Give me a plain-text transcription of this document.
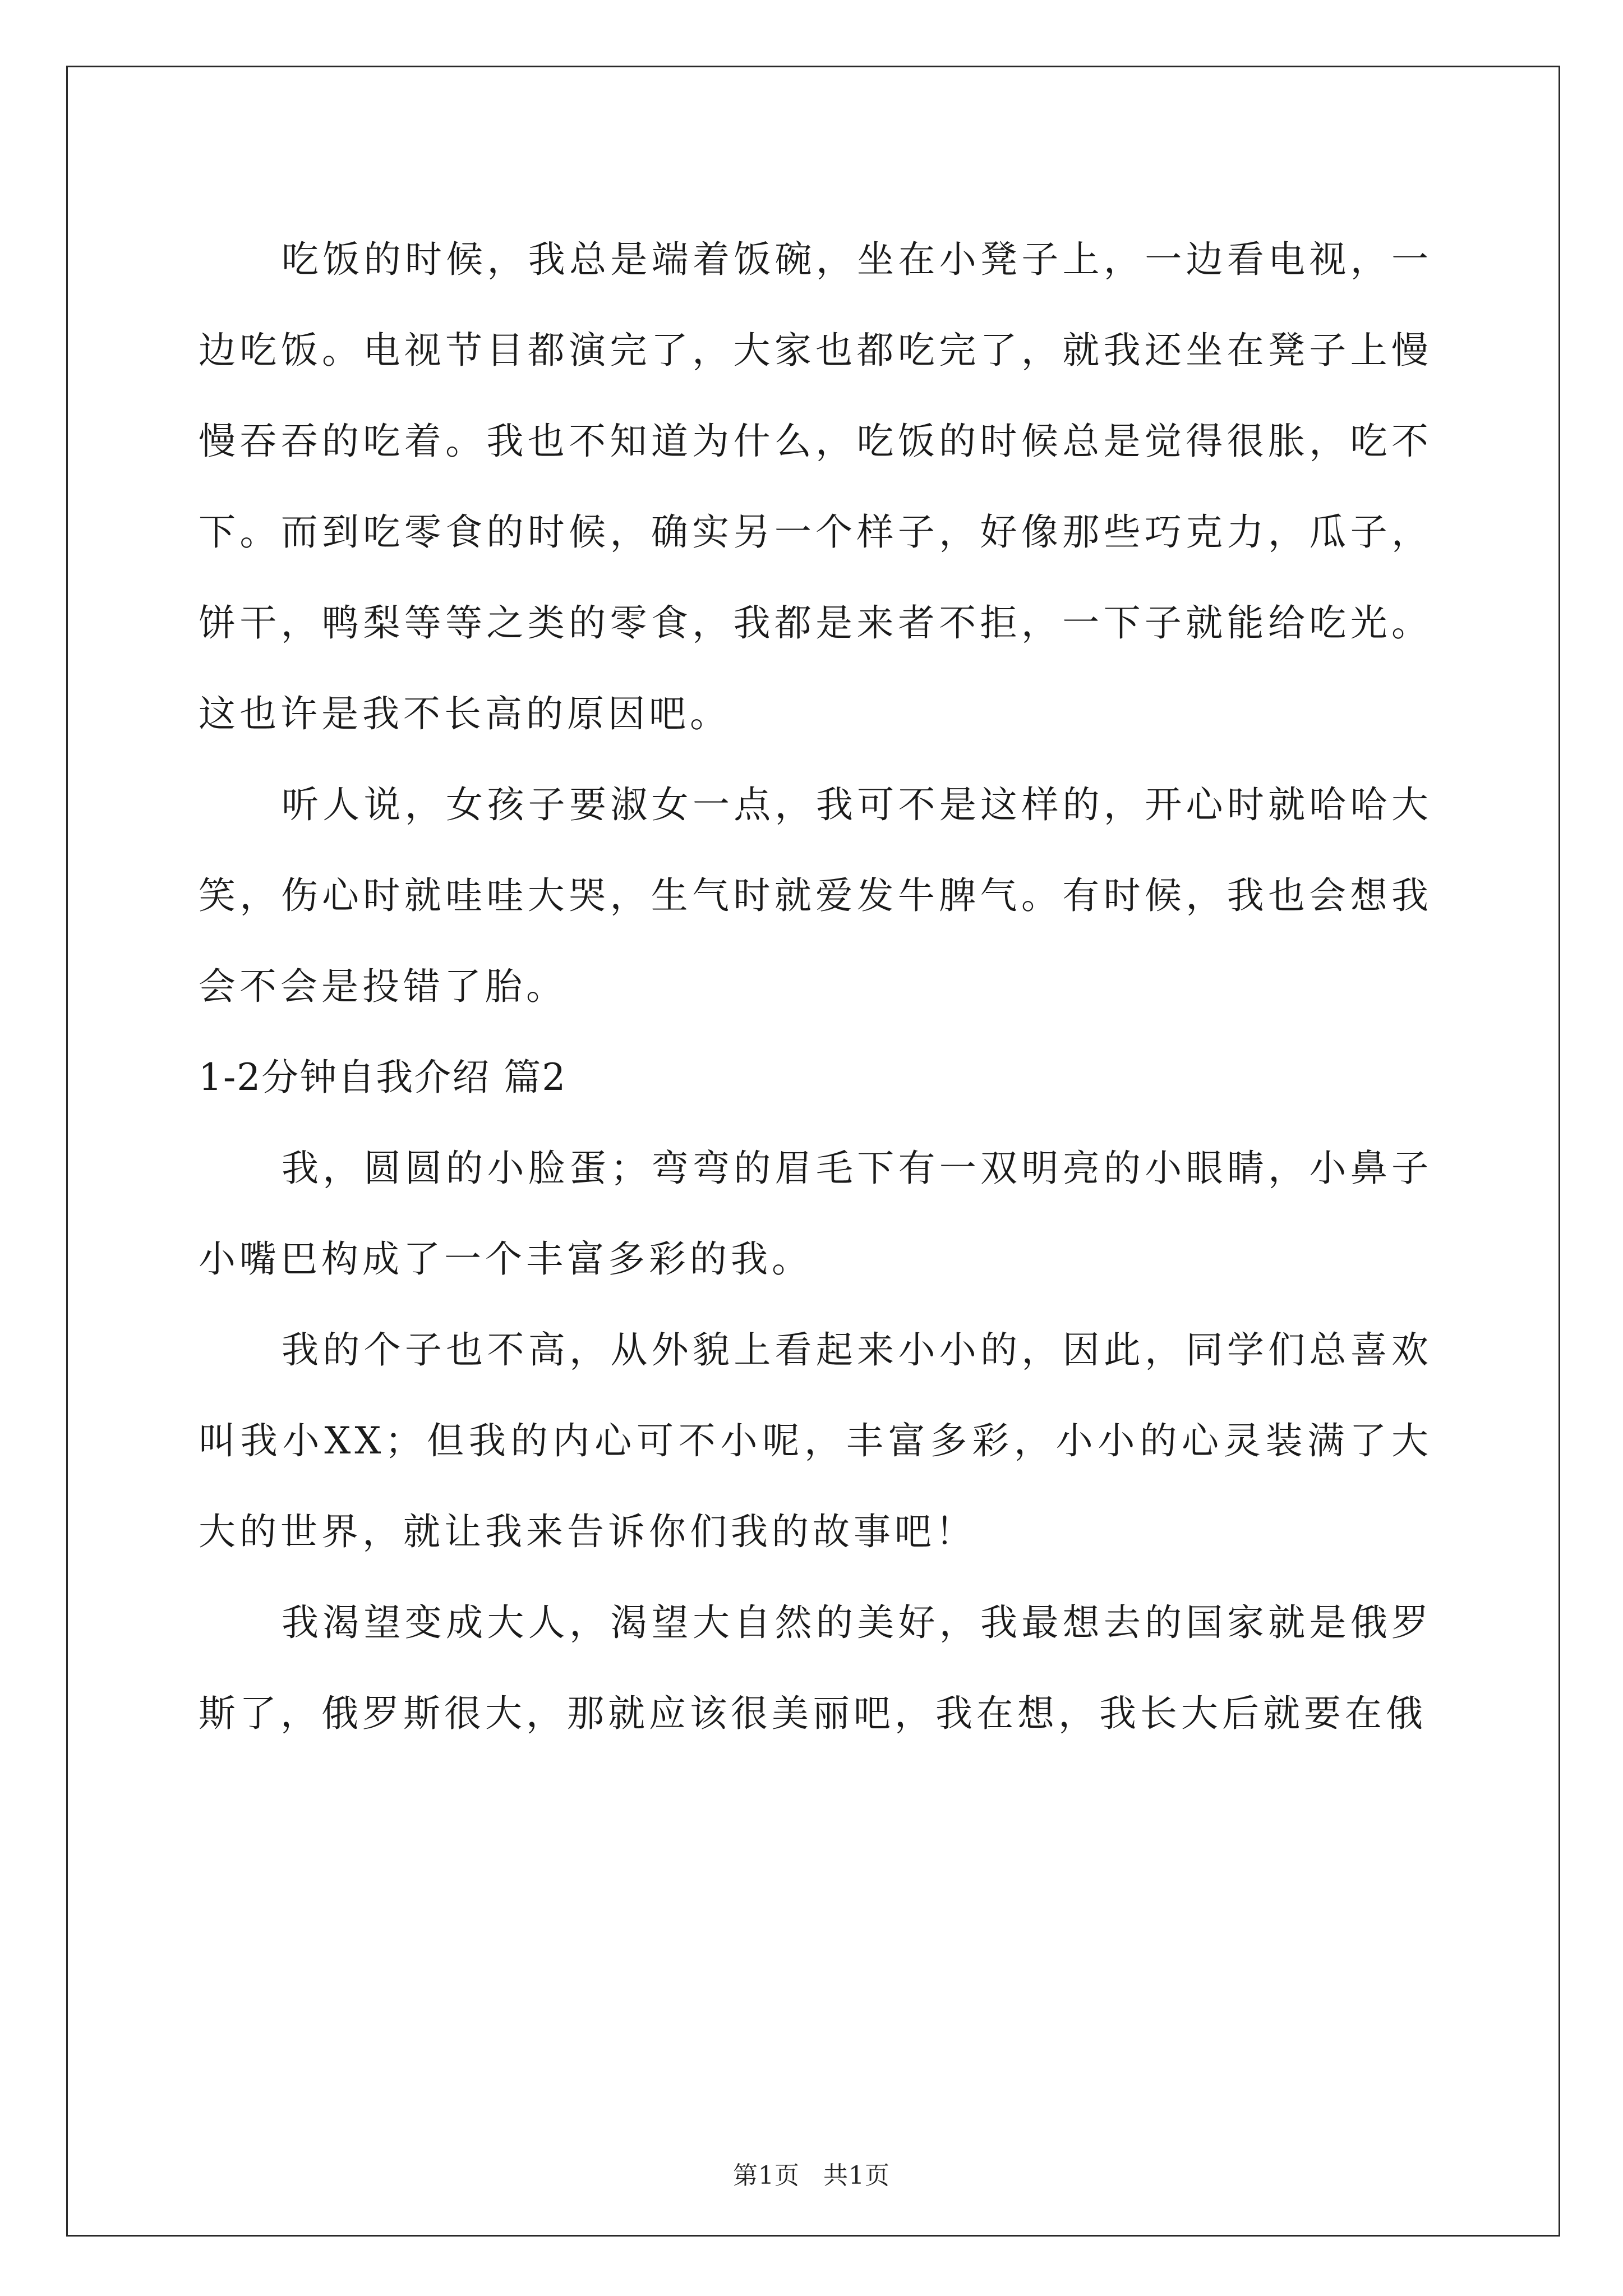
吃饭的时候，我总是端着饭碗，坐在小凳子上，一边看电视，一边吃饭。电视节目都演完了，大家也都吃完了，就我还坐在凳子上慢慢吞吞的吃着。我也不知道为什么，吃饭的时候总是觉得很胀，吃不下。而到吃零食的时候，确实另一个样子，好像那些巧克力，瓜子，饼干，鸭梨等等之类的零食，我都是来者不拒，一下子就能给吃光。这也许是我不长高的原因吧。

听人说，女孩子要淑女一点，我可不是这样的，开心时就哈哈大笑，伤心时就哇哇大哭，生气时就爱发牛脾气。有时候，我也会想我会不会是投错了胎。

1-2分钟自我介绍 篇2

我，圆圆的小脸蛋；弯弯的眉毛下有一双明亮的小眼睛，小鼻子小嘴巴构成了一个丰富多彩的我。

我的个子也不高，从外貌上看起来小小的，因此，同学们总喜欢叫我小XX；但我的内心可不小呢，丰富多彩，小小的心灵装满了大大的世界，就让我来告诉你们我的故事吧！

我渴望变成大人，渴望大自然的美好，我最想去的国家就是俄罗斯了，俄罗斯很大，那就应该很美丽吧，我在想，我长大后就要在俄

第1页 共1页
